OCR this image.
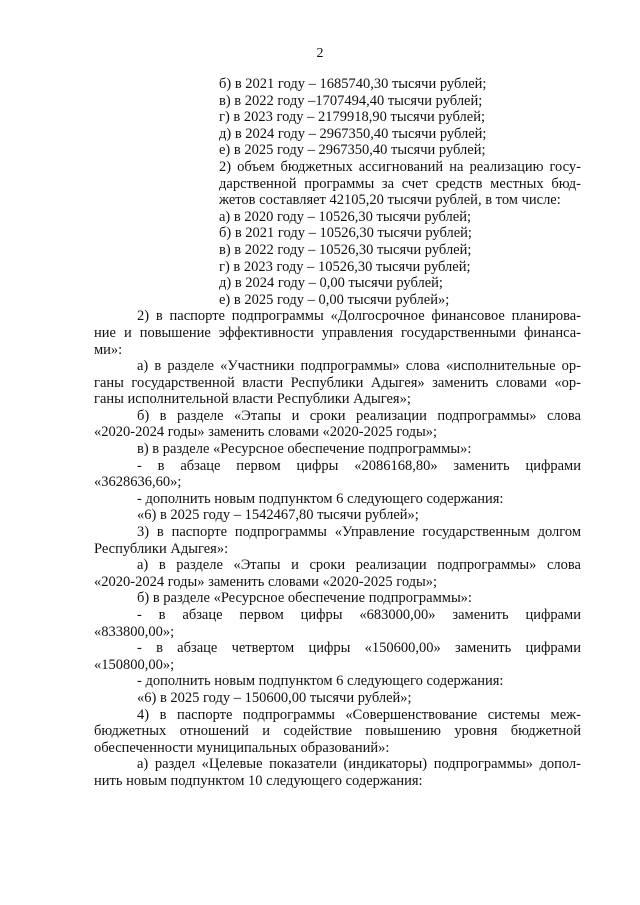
2
б) в 2021 году – 1685740,30 тысячи рублей;
в) в 2022 году –1707494,40 тысячи рублей;
г) в 2023 году – 2179918,90 тысячи рублей;
д) в 2024 году – 2967350,40 тысячи рублей;
е) в 2025 году – 2967350,40 тысячи рублей;
2) объем бюджетных ассигнований на реализацию госу-
дарственной программы за счет средств местных бюд-
жетов составляет 42105,20 тысячи рублей, в том числе:
а) в 2020 году – 10526,30 тысячи рублей;
б) в 2021 году – 10526,30 тысячи рублей;
в) в 2022 году – 10526,30 тысячи рублей;
г) в 2023 году – 10526,30 тысячи рублей;
д) в 2024 году – 0,00 тысячи рублей;
е) в 2025 году – 0,00 тысячи рублей»;
2) в паспорте подпрограммы «Долгосрочное финансовое планирова-
ние и повышение эффективности управления государственными финанса-
ми»:
а) в разделе «Участники подпрограммы» слова «исполнительные ор-
ганы государственной власти Республики Адыгея» заменить словами «ор-
ганы исполнительной власти Республики Адыгея»;
б) в разделе «Этапы и сроки реализации подпрограммы» слова
«2020-2024 годы» заменить словами «2020-2025 годы»;
в) в разделе «Ресурсное обеспечение подпрограммы»:
- в абзаце первом цифры «2086168,80» заменить цифрами
«3628636,60»;
- дополнить новым подпунктом 6 следующего содержания:
«6) в 2025 году – 1542467,80 тысячи рублей»;
3) в паспорте подпрограммы «Управление государственным долгом
Республики Адыгея»:
а) в разделе «Этапы и сроки реализации подпрограммы» слова
«2020-2024 годы» заменить словами «2020-2025 годы»;
б) в разделе «Ресурсное обеспечение подпрограммы»:
- в абзаце первом цифры «683000,00» заменить цифрами
«833800,00»;
- в абзаце четвертом цифры «150600,00» заменить цифрами
«150800,00»;
- дополнить новым подпунктом 6 следующего содержания:
«6) в 2025 году – 150600,00 тысячи рублей»;
4) в паспорте подпрограммы «Совершенствование системы меж-
бюджетных отношений и содействие повышению уровня бюджетной
обеспеченности муниципальных образований»:
а) раздел «Целевые показатели (индикаторы) подпрограммы» допол-
нить новым подпунктом 10 следующего содержания:
